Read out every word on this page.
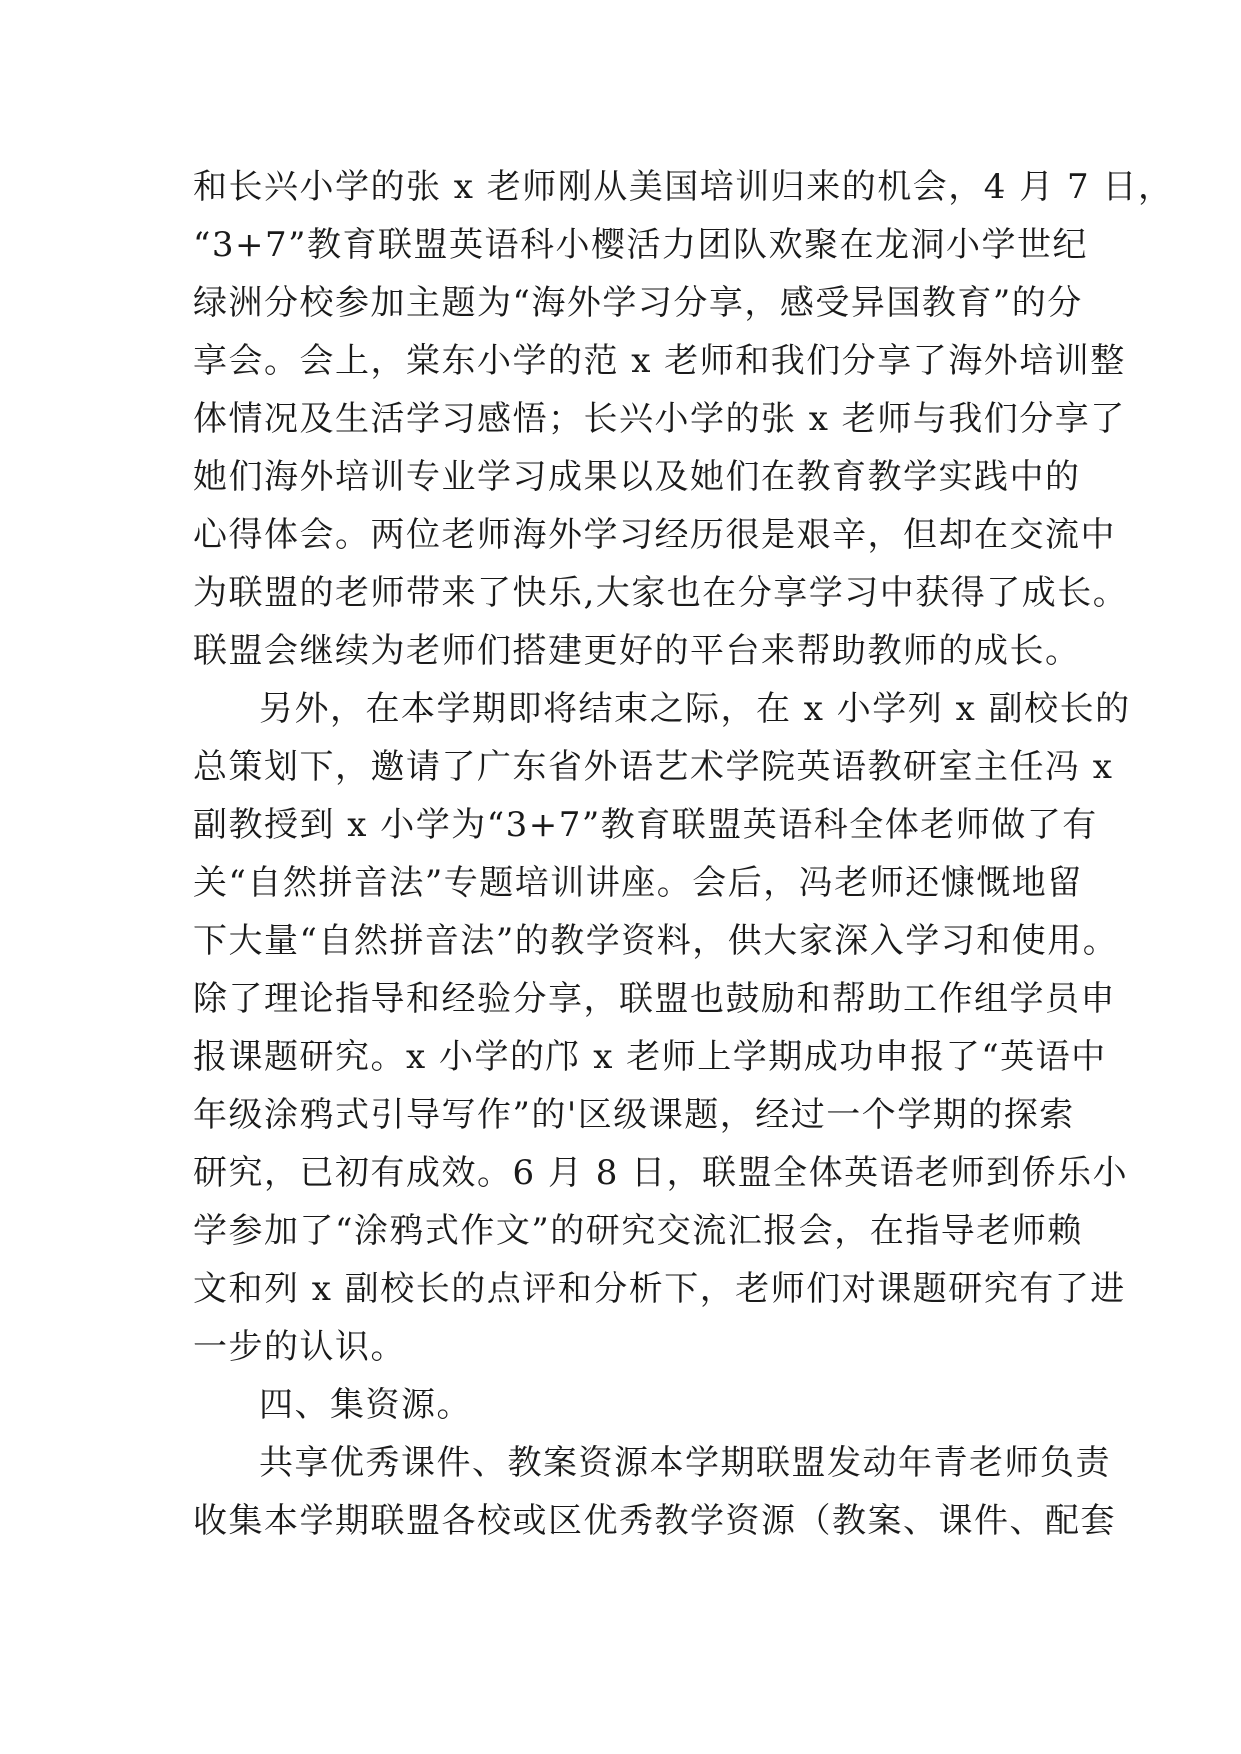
和长兴小学的张 x 老师刚从美国培训归来的机会，4 月 7 日，
“3+7”教育联盟英语科小樱活力团队欢聚在龙洞小学世纪
绿洲分校参加主题为“海外学习分享，感受异国教育”的分
享会。会上，棠东小学的范 x 老师和我们分享了海外培训整
体情况及生活学习感悟；长兴小学的张 x 老师与我们分享了
她们海外培训专业学习成果以及她们在教育教学实践中的
心得体会。两位老师海外学习经历很是艰辛，但却在交流中
为联盟的老师带来了快乐,大家也在分享学习中获得了成长。
联盟会继续为老师们搭建更好的平台来帮助教师的成长。
另外，在本学期即将结束之际，在 x 小学列 x 副校长的
总策划下，邀请了广东省外语艺术学院英语教研室主任冯 x
副教授到 x 小学为“3+7”教育联盟英语科全体老师做了有
关“自然拼音法”专题培训讲座。会后，冯老师还慷慨地留
下大量“自然拼音法”的教学资料，供大家深入学习和使用。
除了理论指导和经验分享，联盟也鼓励和帮助工作组学员申
报课题研究。x 小学的邝 x 老师上学期成功申报了“英语中
年级涂鸦式引导写作”的'区级课题，经过一个学期的探索
研究，已初有成效。6 月 8 日，联盟全体英语老师到侨乐小
学参加了“涂鸦式作文”的研究交流汇报会，在指导老师赖
文和列 x 副校长的点评和分析下，老师们对课题研究有了进
一步的认识。
四、集资源。
共享优秀课件、教案资源本学期联盟发动年青老师负责
收集本学期联盟各校或区优秀教学资源（教案、课件、配套
